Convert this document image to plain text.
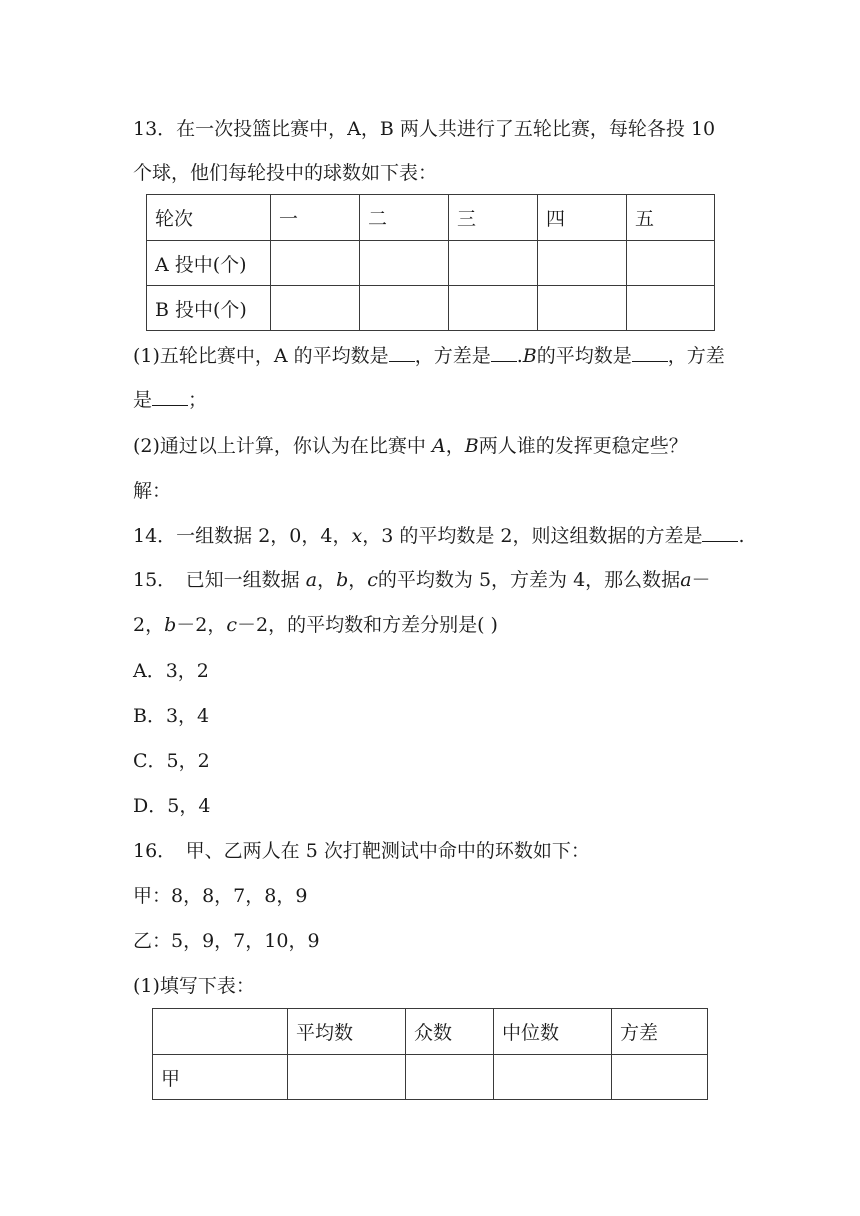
13．在一次投篮比赛中，A，B 两人共进行了五轮比赛，每轮各投 10
个球，他们每轮投中的球数如下表：
轮次	一	二	三	四	五
A 投中(个)					
B 投中(个)					
(1)五轮比赛中，A 的平均数是 ，方差是 .B的平均数是 ，方差
是 ；
(2)通过以上计算，你认为在比赛中 A，B两人谁的发挥更稳定些？
解：
14．一组数据 2，0，4，x，3 的平均数是 2，则这组数据的方差是 .
15．　已知一组数据 a，b，c的平均数为 5，方差为 4，那么数据a－
2，b－2，c－2，的平均数和方差分别是( )
A．3，2
B．3，4
C．5，2
D．5，4
16．　甲、乙两人在 5 次打靶测试中命中的环数如下：
甲：8，8，7，8，9
乙：5，9，7，10，9
(1)填写下表：
	平均数	众数	中位数	方差
甲				
